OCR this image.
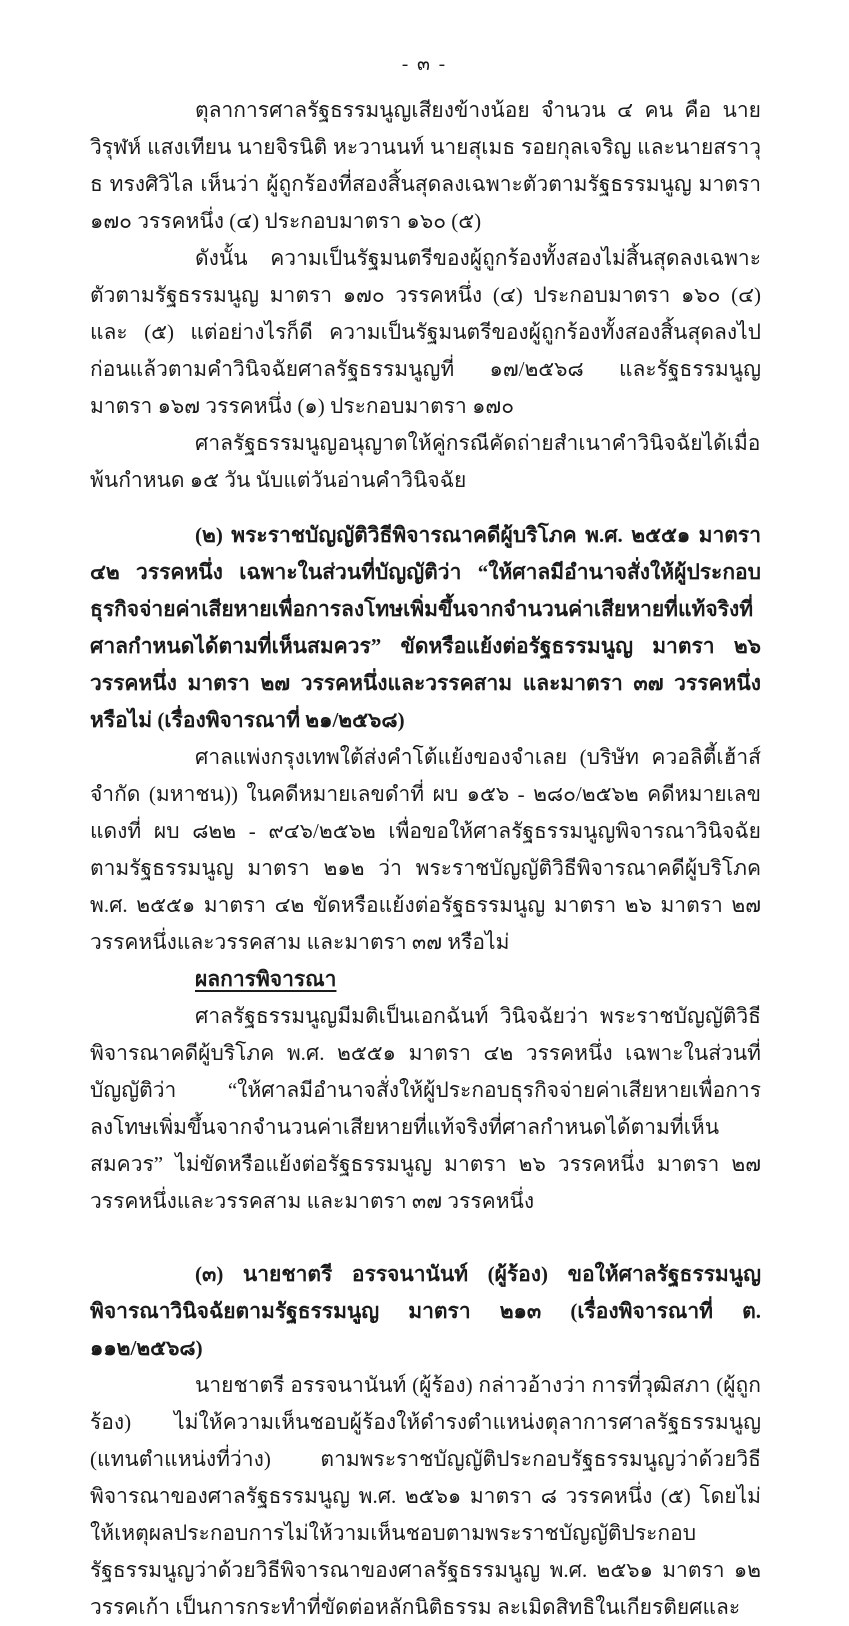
- ๓ -

ตุลาการศาลรัฐธรรมนูญเสียงข้างน้อย จำนวน ๔ คน คือ นายวิรุฬห์ แสงเทียน นายจิรนิติ หะวานนท์ นายสุเมธ รอยกุลเจริญ และนายสราวุธ ทรงศิวิไล เห็นว่า ผู้ถูกร้องที่สองสิ้นสุดลงเฉพาะตัวตามรัฐธรรมนูญ มาตรา ๑๗๐ วรรคหนึ่ง (๔) ประกอบมาตรา ๑๖๐ (๕)

ดังนั้น ความเป็นรัฐมนตรีของผู้ถูกร้องทั้งสองไม่สิ้นสุดลงเฉพาะตัวตามรัฐธรรมนูญ มาตรา ๑๗๐ วรรคหนึ่ง (๔) ประกอบมาตรา ๑๖๐ (๔) และ (๕) แต่อย่างไรก็ดี ความเป็นรัฐมนตรีของผู้ถูกร้องทั้งสองสิ้นสุดลงไปก่อนแล้วตามคำวินิจฉัยศาลรัฐธรรมนูญที่ ๑๗/๒๕๖๘ และรัฐธรรมนูญ มาตรา ๑๖๗ วรรคหนึ่ง (๑) ประกอบมาตรา ๑๗๐

ศาลรัฐธรรมนูญอนุญาตให้คู่กรณีคัดถ่ายสำเนาคำวินิจฉัยได้เมื่อพ้นกำหนด ๑๕ วัน นับแต่วันอ่านคำวินิจฉัย

(๒) พระราชบัญญัติวิธีพิจารณาคดีผู้บริโภค พ.ศ. ๒๕๕๑ มาตรา ๔๒ วรรคหนึ่ง เฉพาะในส่วนที่บัญญัติว่า “ให้ศาลมีอำนาจสั่งให้ผู้ประกอบธุรกิจจ่ายค่าเสียหายเพื่อการลงโทษเพิ่มขึ้นจากจำนวนค่าเสียหายที่แท้จริงที่ศาลกำหนดได้ตามที่เห็นสมควร” ขัดหรือแย้งต่อรัฐธรรมนูญ มาตรา ๒๖ วรรคหนึ่ง มาตรา ๒๗ วรรคหนึ่งและวรรคสาม และมาตรา ๓๗ วรรคหนึ่ง หรือไม่ (เรื่องพิจารณาที่ ๒๑/๒๕๖๘)

ศาลแพ่งกรุงเทพใต้ส่งคำโต้แย้งของจำเลย (บริษัท ควอลิตี้เฮ้าส์ จำกัด (มหาชน)) ในคดีหมายเลขดำที่ ผบ ๑๕๖ - ๒๘๐/๒๕๖๒ คดีหมายเลขแดงที่ ผบ ๘๒๒ - ๙๔๖/๒๕๖๒ เพื่อขอให้ศาลรัฐธรรมนูญพิจารณาวินิจฉัยตามรัฐธรรมนูญ มาตรา ๒๑๒ ว่า พระราชบัญญัติวิธีพิจารณาคดีผู้บริโภค พ.ศ. ๒๕๕๑ มาตรา ๔๒ ขัดหรือแย้งต่อรัฐธรรมนูญ มาตรา ๒๖ มาตรา ๒๗ วรรคหนึ่งและวรรคสาม และมาตรา ๓๗ หรือไม่

ผลการพิจารณา

ศาลรัฐธรรมนูญมีมติเป็นเอกฉันท์ วินิจฉัยว่า พระราชบัญญัติวิธีพิจารณาคดีผู้บริโภค พ.ศ. ๒๕๕๑ มาตรา ๔๒ วรรคหนึ่ง เฉพาะในส่วนที่บัญญัติว่า “ให้ศาลมีอำนาจสั่งให้ผู้ประกอบธุรกิจจ่ายค่าเสียหายเพื่อการลงโทษเพิ่มขึ้นจากจำนวนค่าเสียหายที่แท้จริงที่ศาลกำหนดได้ตามที่เห็นสมควร” ไม่ขัดหรือแย้งต่อรัฐธรรมนูญ มาตรา ๒๖ วรรคหนึ่ง มาตรา ๒๗ วรรคหนึ่งและวรรคสาม และมาตรา ๓๗ วรรคหนึ่ง

(๓) นายชาตรี อรรจนานันท์ (ผู้ร้อง) ขอให้ศาลรัฐธรรมนูญพิจารณาวินิจฉัยตามรัฐธรรมนูญ มาตรา ๒๑๓ (เรื่องพิจารณาที่ ต. ๑๑๒/๒๕๖๘)

นายชาตรี อรรจนานันท์ (ผู้ร้อง) กล่าวอ้างว่า การที่วุฒิสภา (ผู้ถูกร้อง) ไม่ให้ความเห็นชอบผู้ร้องให้ดำรงตำแหน่งตุลาการศาลรัฐธรรมนูญ (แทนตำแหน่งที่ว่าง) ตามพระราชบัญญัติประกอบรัฐธรรมนูญว่าด้วยวิธีพิจารณาของศาลรัฐธรรมนูญ พ.ศ. ๒๕๖๑ มาตรา ๘ วรรคหนึ่ง (๕) โดยไม่ให้เหตุผลประกอบการไม่ให้วามเห็นชอบตามพระราชบัญญัติประกอบรัฐธรรมนูญว่าด้วยวิธีพิจารณาของศาลรัฐธรรมนูญ พ.ศ. ๒๕๖๑ มาตรา ๑๒ วรรคเก้า เป็นการกระทำที่ขัดต่อหลักนิติธรรม ละเมิดสิทธิในเกียรติยศและ
